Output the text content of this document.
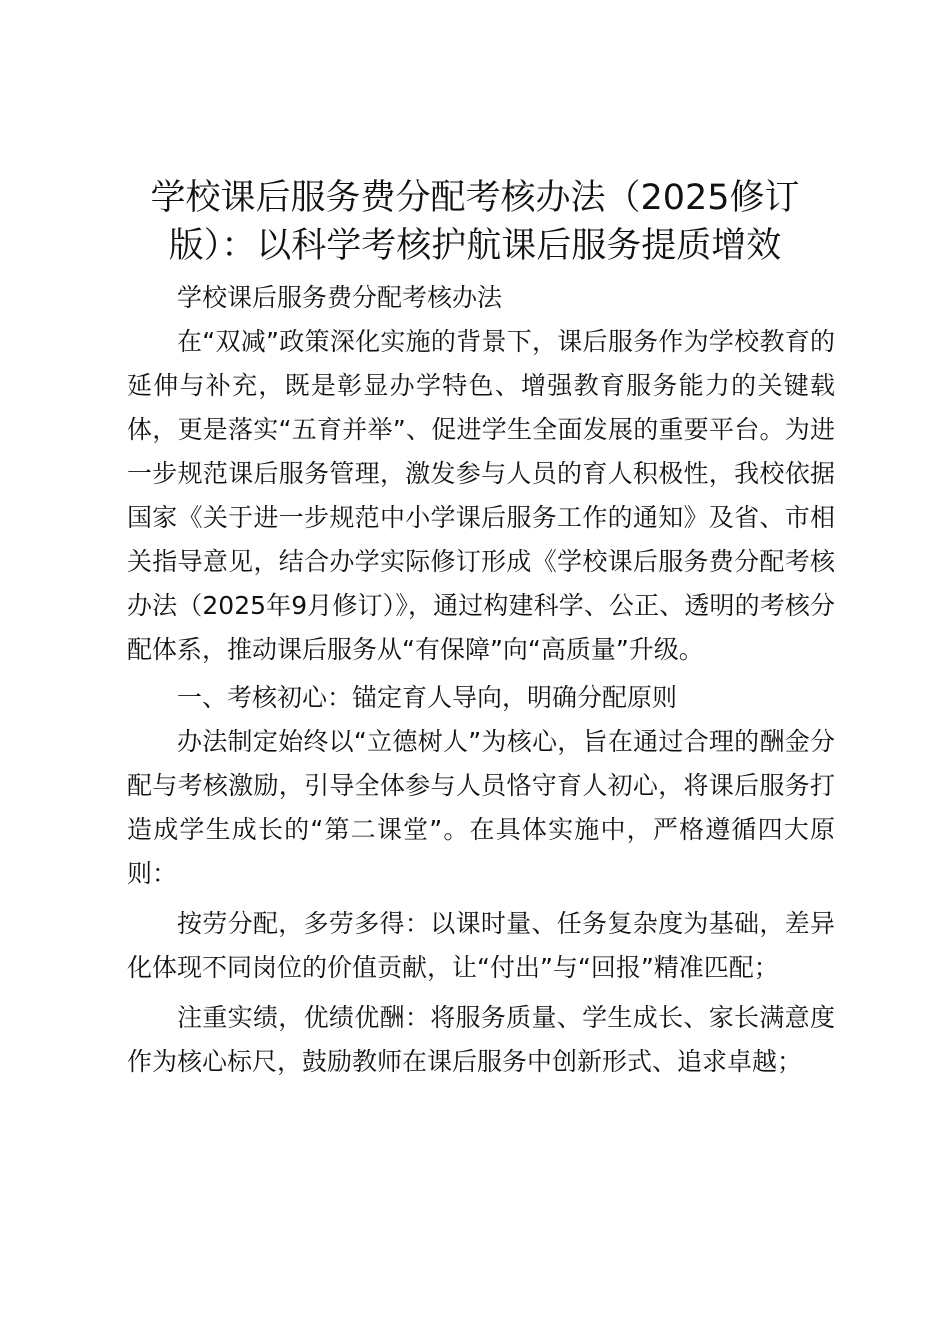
学校课后服务费分配考核办法（2025修订版）：以科学考核护航课后服务提质增效

学校课后服务费分配考核办法

在“双减”政策深化实施的背景下，课后服务作为学校教育的延伸与补充，既是彰显办学特色、增强教育服务能力的关键载体，更是落实“五育并举”、促进学生全面发展的重要平台。为进一步规范课后服务管理，激发参与人员的育人积极性，我校依据国家《关于进一步规范中小学课后服务工作的通知》及省、市相关指导意见，结合办学实际修订形成《学校课后服务费分配考核办法（2025年9月修订）》，通过构建科学、公正、透明的考核分配体系，推动课后服务从“有保障”向“高质量”升级。

一、考核初心：锚定育人导向，明确分配原则

办法制定始终以“立德树人”为核心，旨在通过合理的酬金分配与考核激励，引导全体参与人员恪守育人初心，将课后服务打造成学生成长的“第二课堂”。在具体实施中，严格遵循四大原则：

按劳分配，多劳多得：以课时量、任务复杂度为基础，差异化体现不同岗位的价值贡献，让“付出”与“回报”精准匹配；

注重实绩，优绩优酬：将服务质量、学生成长、家长满意度作为核心标尺，鼓励教师在课后服务中创新形式、追求卓越；
